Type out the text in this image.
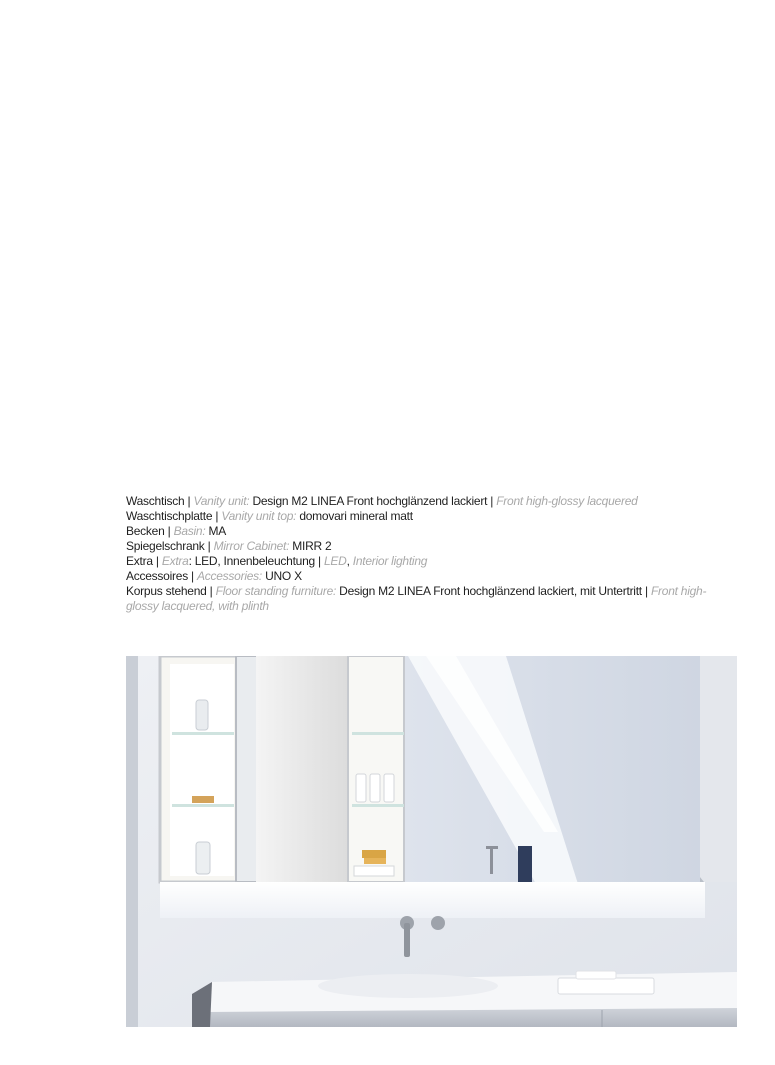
Waschtisch | Vanity unit: Design M2 LINEA Front hochglänzend lackiert | Front high-glossy lacquered
Waschtischplatte | Vanity unit top: domovari mineral matt
Becken | Basin: MA
Spiegelschrank | Mirror Cabinet: MIRR 2
Extra | Extra: LED, Innenbeleuchtung | LED, Interior lighting
Accessoires | Accessories: UNO X
Korpus stehend | Floor standing furniture: Design M2 LINEA Front hochglänzend lackiert, mit Untertritt | Front high-glossy lacquered, with plinth
